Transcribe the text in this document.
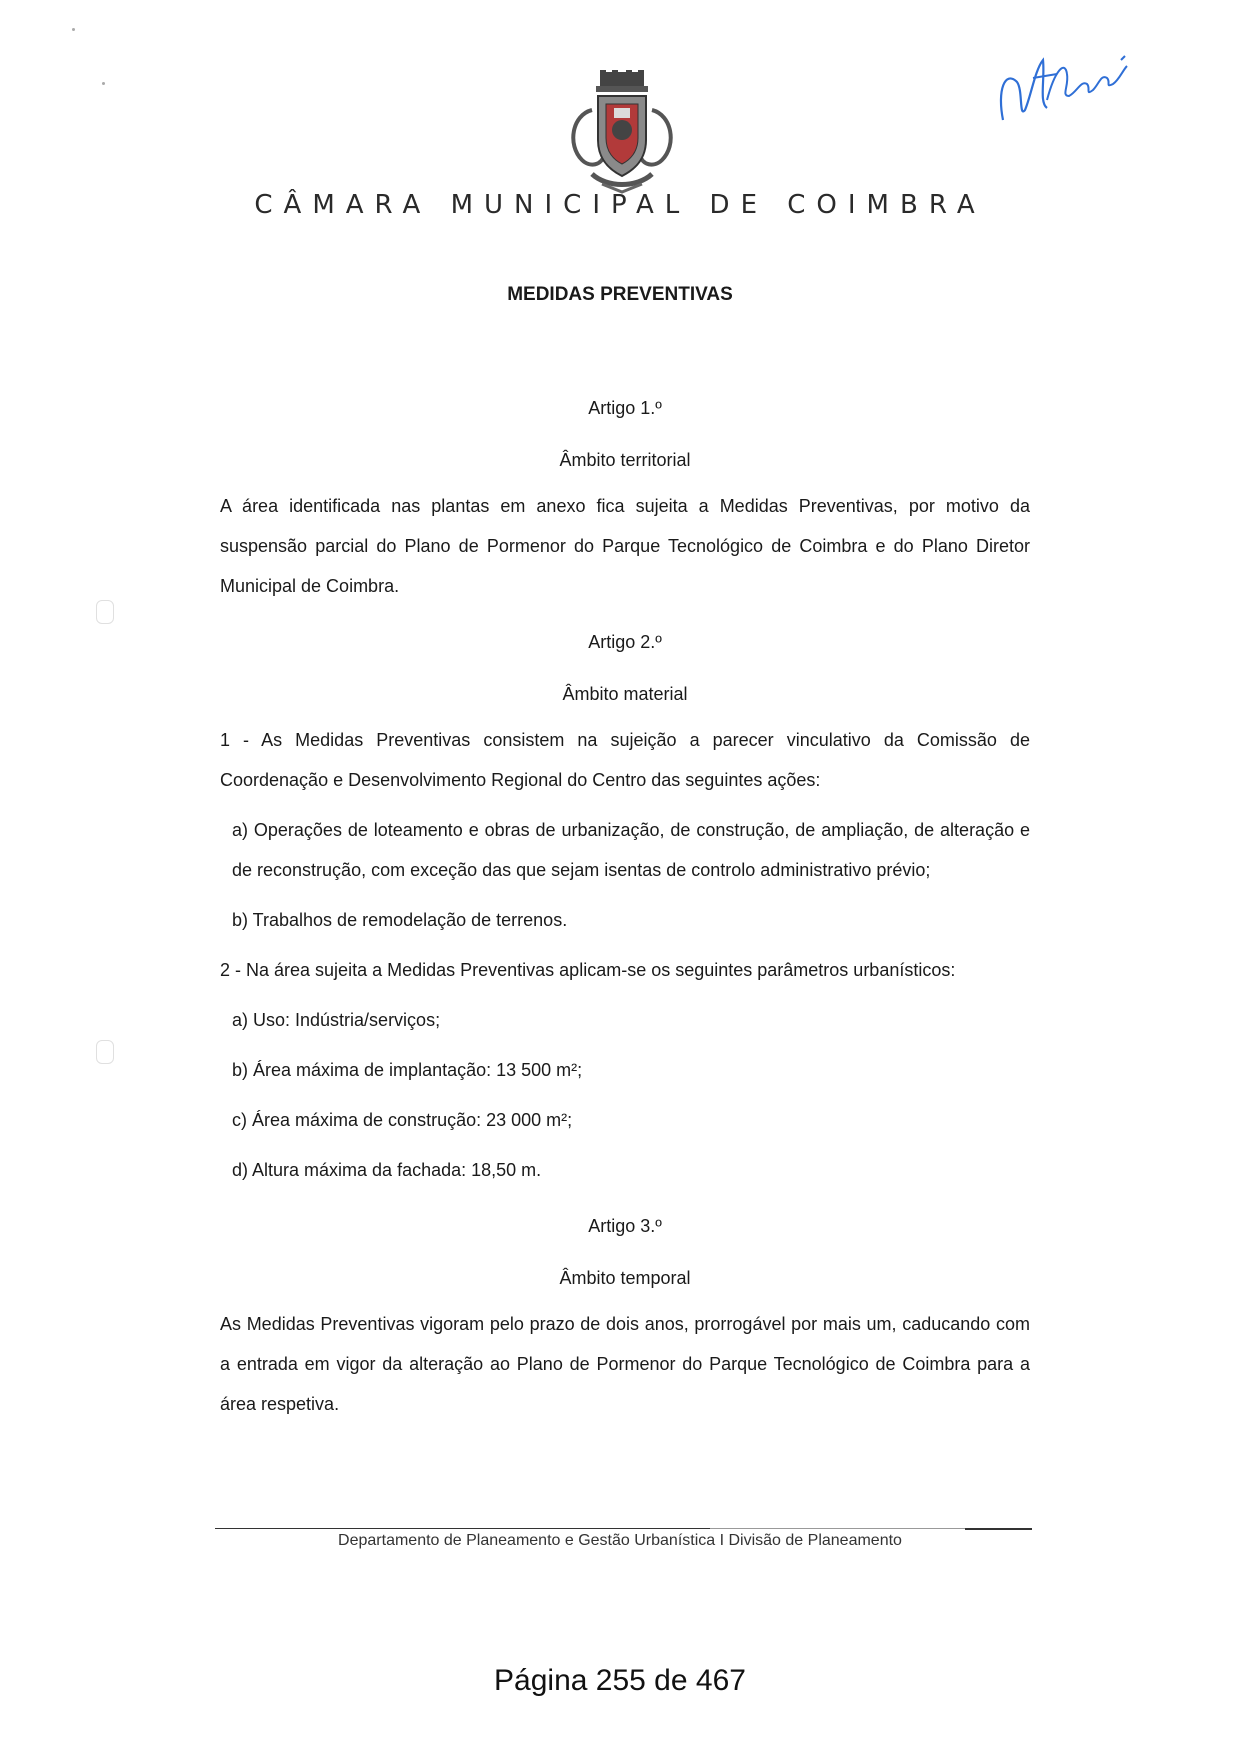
CÂMARA MUNICIPAL DE COIMBRA
MEDIDAS PREVENTIVAS
Artigo 1.º
Âmbito territorial

A área identificada nas plantas em anexo fica sujeita a Medidas Preventivas, por motivo da suspensão parcial do Plano de Pormenor do Parque Tecnológico de Coimbra e do Plano Diretor Municipal de Coimbra.

Artigo 2.º
Âmbito material

1 - As Medidas Preventivas consistem na sujeição a parecer vinculativo da Comissão de Coordenação e Desenvolvimento Regional do Centro das seguintes ações:

a) Operações de loteamento e obras de urbanização, de construção, de ampliação, de alteração e de reconstrução, com exceção das que sejam isentas de controlo administrativo prévio;

b) Trabalhos de remodelação de terrenos.

2 - Na área sujeita a Medidas Preventivas aplicam-se os seguintes parâmetros urbanísticos:

a) Uso: Indústria/serviços;

b) Área máxima de implantação: 13 500 m²;

c) Área máxima de construção: 23 000 m²;

d) Altura máxima da fachada: 18,50 m.

Artigo 3.º
Âmbito temporal

As Medidas Preventivas vigoram pelo prazo de dois anos, prorrogável por mais um, caducando com a entrada em vigor da alteração ao Plano de Pormenor do Parque Tecnológico de Coimbra para a área respetiva.

Departamento de Planeamento e Gestão Urbanística I Divisão de Planeamento
Página 255 de 467
